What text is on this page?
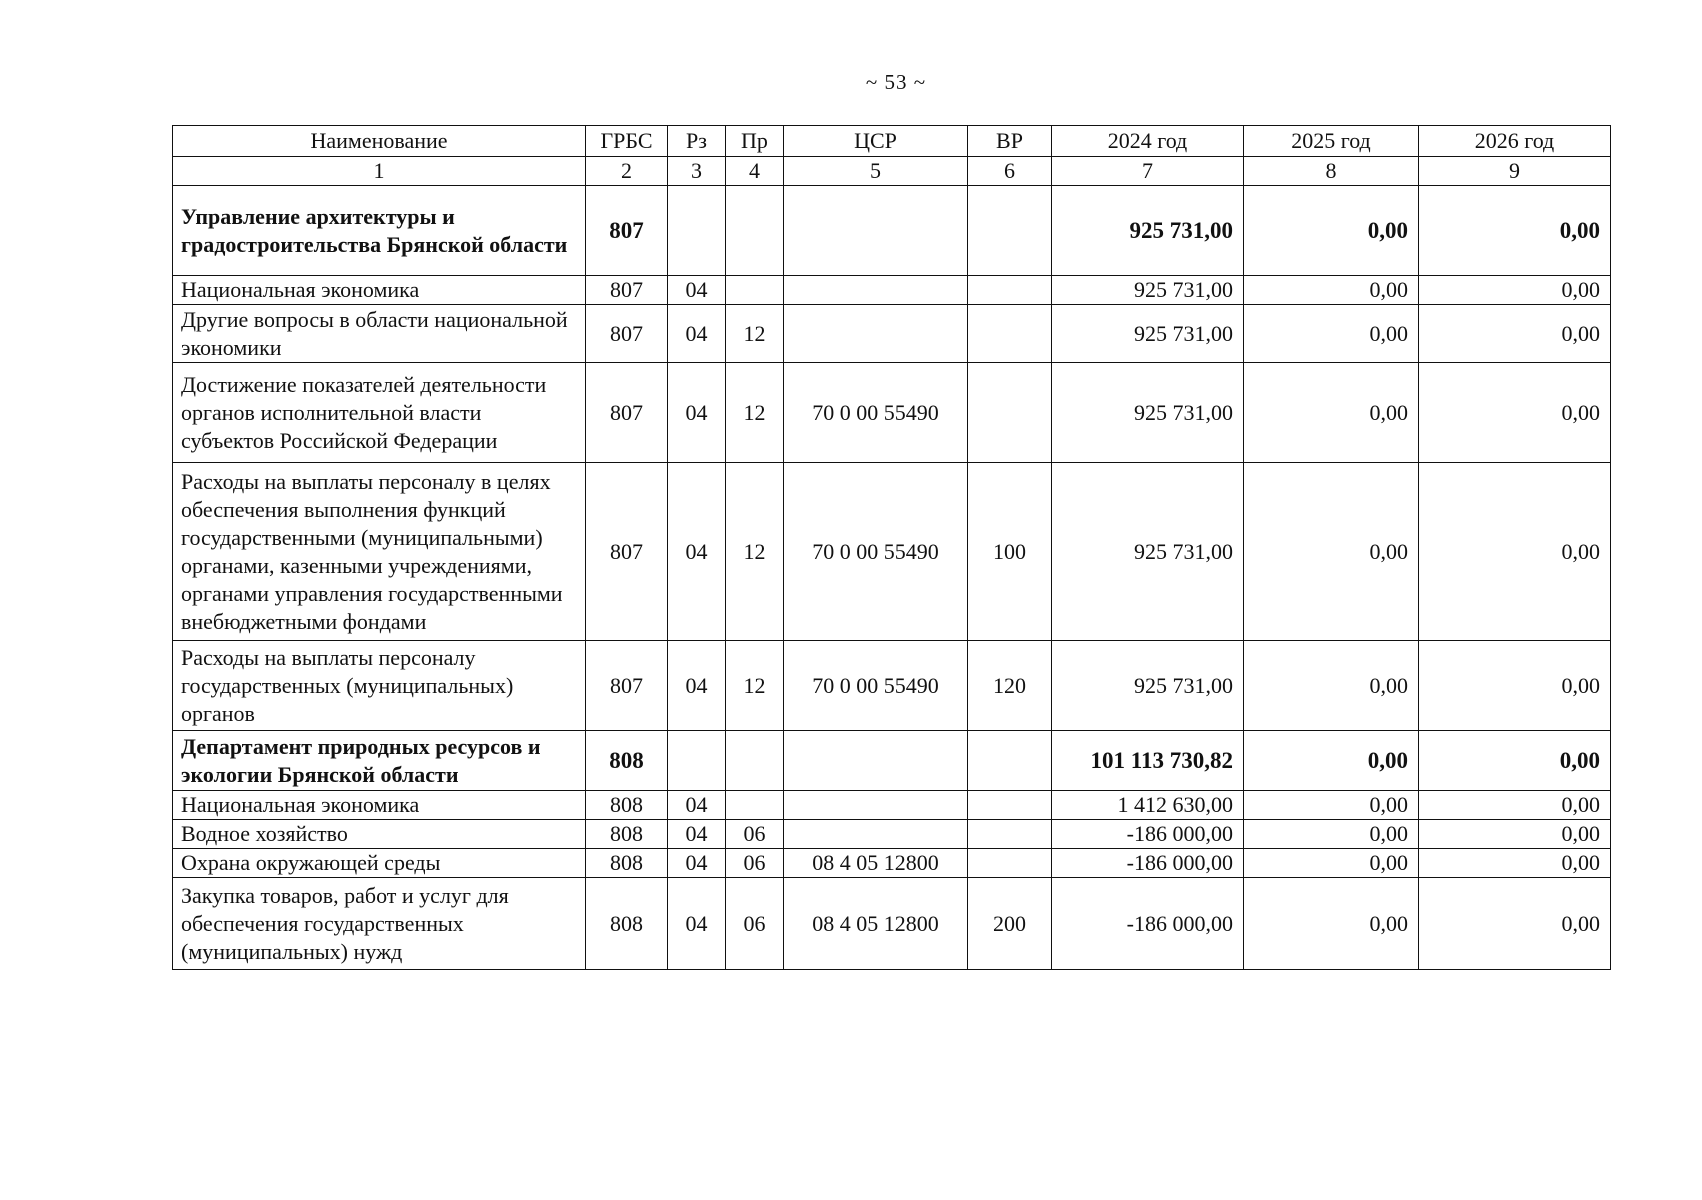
~ 53 ~
Наименование	ГРБС	Рз	Пр	ЦСР	ВР	2024 год	2025 год	2026 год
1	2	3	4	5	6	7	8	9
Управление архитектуры и градостроительства Брянской области	807					925 731,00	0,00	0,00
Национальная экономика	807	04				925 731,00	0,00	0,00
Другие вопросы в области национальной экономики	807	04	12			925 731,00	0,00	0,00
Достижение показателей деятельности органов исполнительной власти субъектов Российской Федерации	807	04	12	70 0 00 55490		925 731,00	0,00	0,00
Расходы на выплаты персоналу в целях обеспечения выполнения функций государственными (муниципальными) органами, казенными учреждениями, органами управления государственными внебюджетными фондами	807	04	12	70 0 00 55490	100	925 731,00	0,00	0,00
Расходы на выплаты персоналу государственных (муниципальных) органов	807	04	12	70 0 00 55490	120	925 731,00	0,00	0,00
Департамент природных ресурсов и экологии Брянской области	808					101 113 730,82	0,00	0,00
Национальная экономика	808	04				1 412 630,00	0,00	0,00
Водное хозяйство	808	04	06			-186 000,00	0,00	0,00
Охрана окружающей среды	808	04	06	08 4 05 12800		-186 000,00	0,00	0,00
Закупка товаров, работ и услуг для обеспечения государственных (муниципальных) нужд	808	04	06	08 4 05 12800	200	-186 000,00	0,00	0,00
